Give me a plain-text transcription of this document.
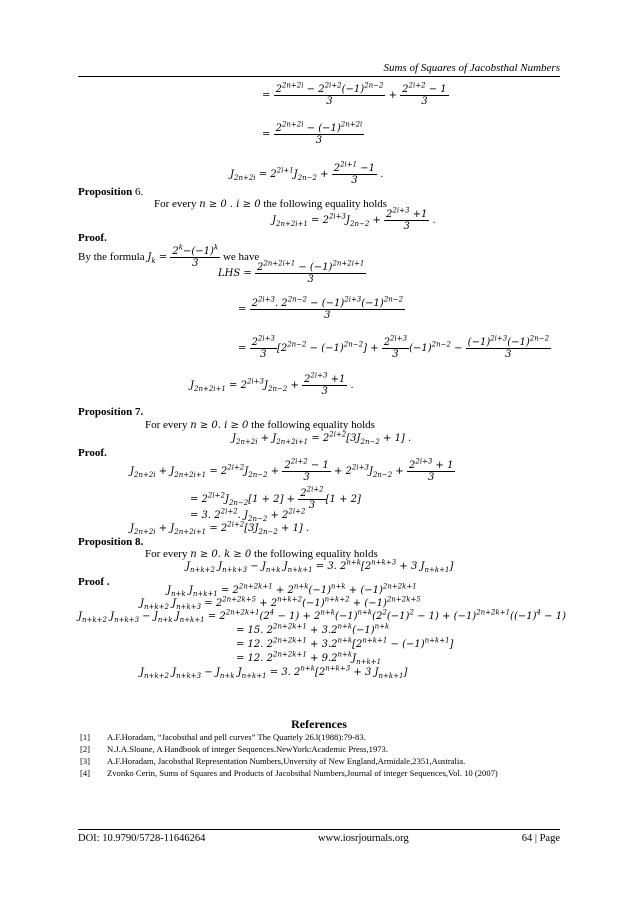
Sums of Squares of Jacobsthal Numbers
= $\frac{2^{2n+2i} - 2^{2i+2}(-1)^{2n-2}}{3} + \frac{2^{2i+2} - 1}{3}$
= $\frac{2^{2n+2i} - (-1)^{2n+2i}}{3}$
$J_{2n+2i} = 2^{2i+1}J_{2n-2} + \frac{2^{2i+1} -1}{3}$ .
Proposition 6.
For every n ≥ 0 . i ≥ 0 the following equality holds
$J_{2n+2i+1} = 2^{2i+3}J_{2n-2} + \frac{2^{2i+3} +1}{3}$ .
Proof.
By the formula $J_k = \frac{2^k-(-1)^k}{3}$ we have
LHS = $\frac{2^{2n+2i+1} - (-1)^{2n+2i+1}}{3}$
= $\frac{2^{2i+3}. 2^{2n-2} - (-1)^{2i+3}(-1)^{2n-2}}{3}$
= $\frac{2^{2i+3}}{3} [2^{2n-2} - (-1)^{2n-2}] + \frac{2^{2i+3}}{3} (-1)^{2n-2} - \frac{(-1)^{2i+3}(-1)^{2n-2}}{3}$
$J_{2n+2i+1} = 2^{2i+3}J_{2n-2} + \frac{2^{2i+3} +1}{3}$ .
Proposition 7.
For every n ≥ 0. i ≥ 0 the following equality holds
$J_{2n+2i} + J_{2n+2i+1} = 2^{2i+2}[3J_{2n-2} + 1]$ .
Proof.
$J_{2n+2i} + J_{2n+2i+1} = 2^{2i+2}J_{2n-2} + \frac{2^{2i+2} - 1}{3} + 2^{2i+3}J_{2n-2} + \frac{2^{2i+3} + 1}{3}$
= $2^{2i+2}J_{2n-2}[1 + 2] + \frac{2^{2i+2}}{3} [1 + 2]$
= 3. $2^{2i+2}$. $J_{2n-2} + 2^{2i+2}$
$J_{2n+2i} + J_{2n+2i+1} = 2^{2i+2}[3J_{2n-2} + 1]$ .
Proposition 8.
For every n ≥ 0. k ≥ 0 the following equality holds
$J_{n+k+2}$ $J_{n+k+3} - J_{n+k}$ $J_{n+k+1} = 3$. $2^{n+k}[2^{n+k+3} + 3$ $J_{n+k+1}$]
Proof .
$J_{n+k}$ $J_{n+k+1} = 2^{2n+2k+1} + 2^{n+k}(-1)^{n+k} + (-1)^{2n+2k+1}$
$J_{n+k+2}$ $J_{n+k+3} = 2^{2n+2k+5} + 2^{n+k+2}(-1)^{n+k+2} + (-1)^{2n+2k+5}$
$J_{n+k+2}$ $J_{n+k+3} - J_{n+k}$ $J_{n+k+1} = 2^{2n+2k+1}(2^4 - 1) + 2^{n+k}(-1)^{n+k}(2^2(-1)^2 - 1) + (-1)^{2n+2k+1}((-1)^4 - 1)$
= 15. $2^{2n+2k+1} + 3.2^{n+k}(-1)^{n+k}$
= 12. $2^{2n+2k+1} + 3.2^{n+k}[2^{n+k+1} - (-1)^{n+k+1}]$
= 12. $2^{2n+2k+1} + 9.2^{n+k}J_{n+k+1}$
$J_{n+k+2}$ $J_{n+k+3} - J_{n+k}$ $J_{n+k+1} = 3$. $2^{n+k}[2^{n+k+3} + 3$ $J_{n+k+1}$]
References
[1] A.F.Horadam, “Jacobsthal and pell curves” The Quartely 26.l(1988):79-83.
[2] N.J.A.Sloane, A Handbook of integer Sequences.NewYork:Academic Press,1973.
[3] A.F.Horadam, Jacobsthal Representation Numbers,Unversity of New England,Armidale,2351,Australia.
[4] Zvonko Cerin, Sums of Squares and Products of Jacobsthal Numbers,Journal of integer Sequences,Vol. 10 (2007)
DOI: 10.9790/5728-11646264	www.iosrjournals.org	64 | Page
